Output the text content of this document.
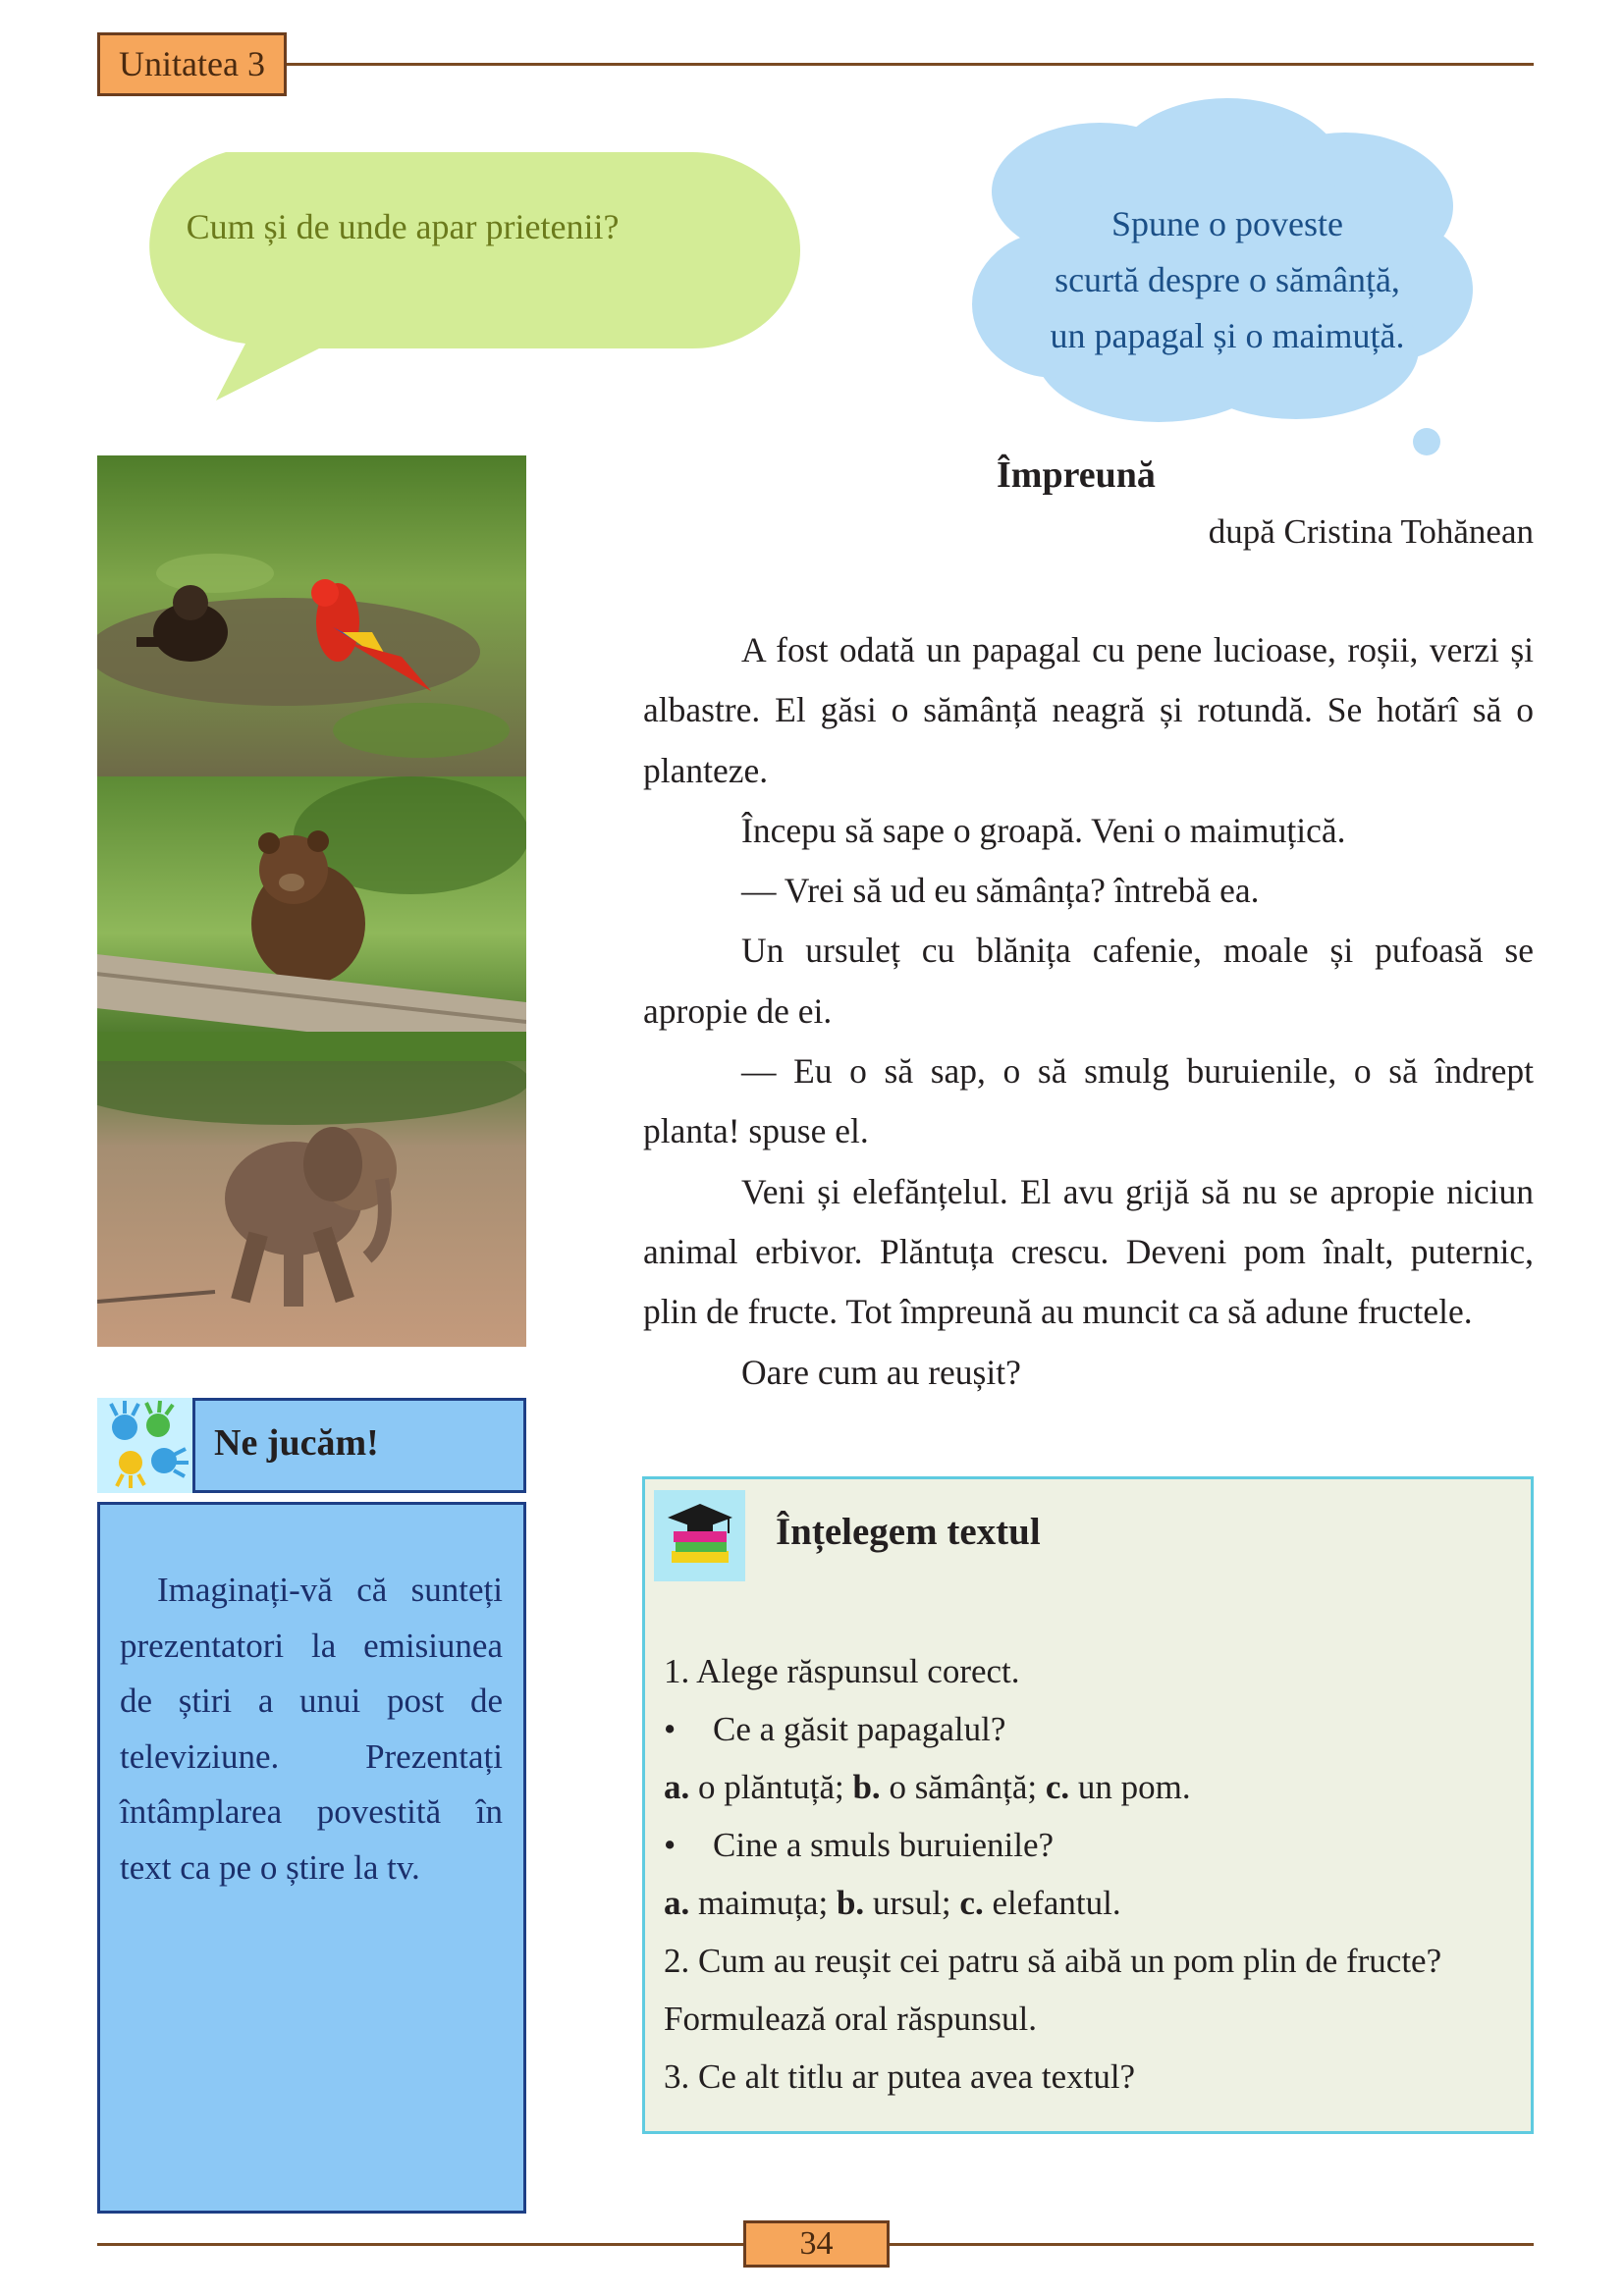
Unitatea 3
Cum și de unde apar prietenii?	Spune o poveste
scurtă despre o sămânță,
un papagal și o maimuță.
Împreună
după Cristina Tohănean

A fost odată un papagal cu pene lucioase, roșii, verzi și albastre. El găsi o sămânță neagră și rotundă. Se hotărî să o planteze.

Începu să sape o groapă. Veni o maimuțică.

— Vrei să ud eu sămânța? întrebă ea.

Un ursuleț cu blănița cafenie, moale și pufoasă se apropie de ei.

— Eu o să sap, o să smulg buruienile, o să îndrept planta! spuse el.

Veni și elefănțelul. El avu grijă să nu se apropie niciun animal erbivor. Plăntuța crescu. Deveni pom înalt, puternic, plin de fructe. Tot împreună au muncit ca să adune fructele.

Oare cum au reușit?

Ne jucăm!
Imaginați-vă că sunteți prezentatori la emisiunea de știri a unui post de televiziune. Prezentați întâmplarea povestită în text ca pe o știre la tv.
Înțelegem textul
1. Alege răspunsul corect.
• Ce a găsit papagalul?
a. o plăntuță; b. o sămânță; c. un pom.
• Cine a smuls buruienile?
a. maimuța; b. ursul; c. elefantul.
2. Cum au reușit cei patru să aibă un pom plin de fructe?
Formulează oral răspunsul.
3. Ce alt titlu ar putea avea textul?
34
